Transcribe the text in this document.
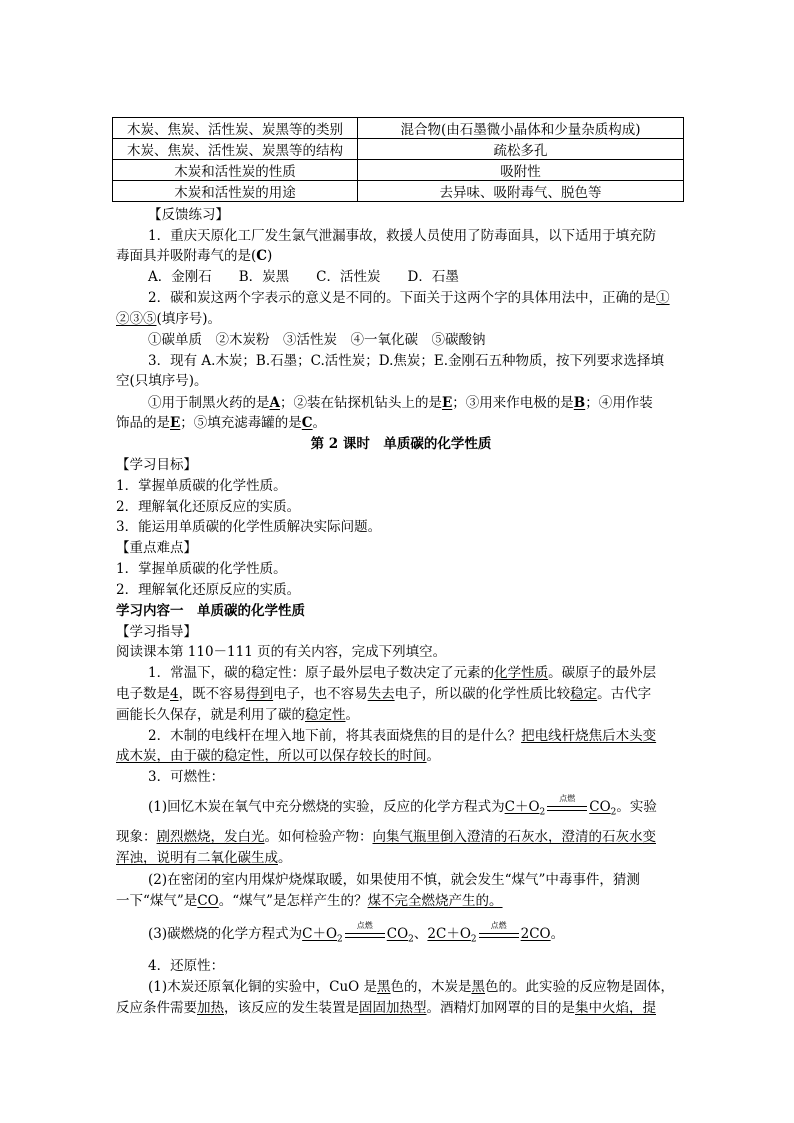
木炭、焦炭、活性炭、炭黑等的类别	混合物(由石墨微小晶体和少量杂质构成)
木炭、焦炭、活性炭、炭黑等的结构	疏松多孔
木炭和活性炭的性质	吸附性
木炭和活性炭的用途	去异味、吸附毒气、脱色等
【反馈练习】
1．重庆天原化工厂发生氯气泄漏事故，救援人员使用了防毒面具，以下适用于填充防
毒面具并吸附毒气的是(C)
A．金刚石　　B．炭黑　　C．活性炭　　D．石墨
2．碳和炭这两个字表示的意义是不同的。下面关于这两个字的具体用法中，正确的是①
②③⑤(填序号)。
①碳单质　②木炭粉　③活性炭　④一氧化碳　⑤碳酸钠
3．现有 A.木炭；B.石墨；C.活性炭；D.焦炭；E.金刚石五种物质，按下列要求选择填
空(只填序号)。
①用于制黑火药的是A；②装在钻探机钻头上的是E；③用来作电极的是B；④用作装
饰品的是E；⑤填充滤毒罐的是C。
第 2 课时　单质碳的化学性质
【学习目标】
1．掌握单质碳的化学性质。
2．理解氧化还原反应的实质。
3．能运用单质碳的化学性质解决实际问题。
【重点难点】
1．掌握单质碳的化学性质。
2．理解氧化还原反应的实质。
学习内容一　单质碳的化学性质
【学习指导】
阅读课本第 110－111 页的有关内容，完成下列填空。
1．常温下，碳的稳定性：原子最外层电子数决定了元素的化学性质。碳原子的最外层
电子数是4，既不容易得到电子，也不容易失去电子，所以碳的化学性质比较稳定。古代字
画能长久保存，就是利用了碳的稳定性。
2．木制的电线杆在埋入地下前，将其表面烧焦的目的是什么？把电线杆烧焦后木头变
成木炭，由于碳的稳定性，所以可以保存较长的时间。
3．可燃性：
(1)回忆木炭在氧气中充分燃烧的实验，反应的化学方程式为$C+O_2$
点燃
$CO_2$。实验
现象：剧烈燃烧，发白光。如何检验产物：向集气瓶里倒入澄清的石灰水，澄清的石灰水变
浑浊，说明有二氧化碳生成。
(2)在密闭的室内用煤炉烧煤取暖，如果使用不慎，就会发生“煤气”中毒事件，猜测
一下“煤气”是CO。“煤气”是怎样产生的？煤不完全燃烧产生的。
(3)碳燃烧的化学方程式为$C+O_2$
点燃
$CO_2$、$2C+O_2$
点燃
2CO。
4．还原性：
(1)木炭还原氧化铜的实验中，CuO 是黑色的，木炭是黑色的。此实验的反应物是固体，
反应条件需要加热，该反应的发生装置是固固加热型。酒精灯加网罩的目的是集中火焰，提
